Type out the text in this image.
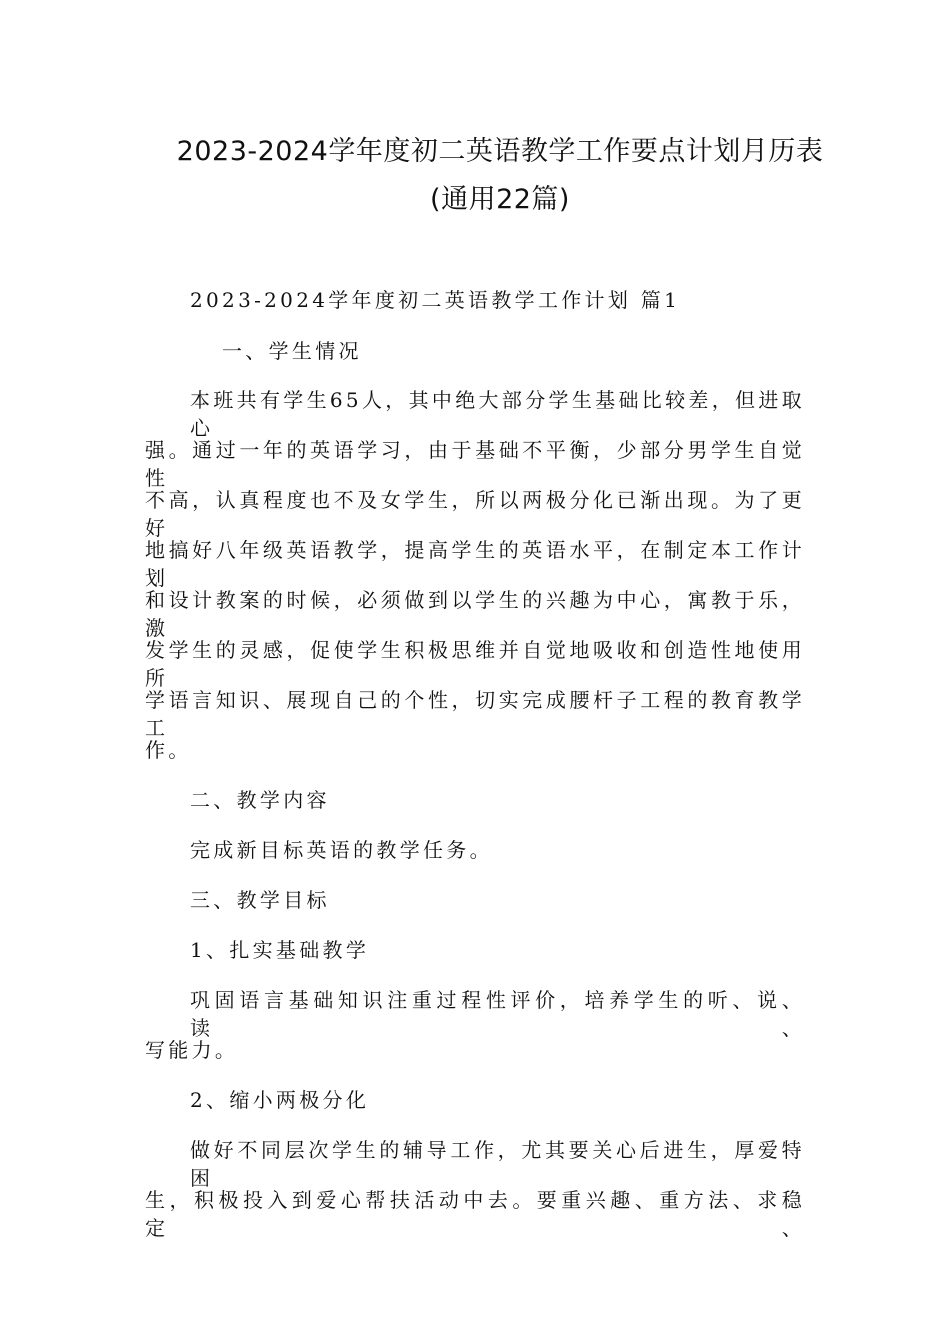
2023-2024学年度初二英语教学工作要点计划月历表
(通用22篇)
2023-2024学年度初二英语教学工作计划 篇1
一、学生情况
本班共有学生65人，其中绝大部分学生基础比较差，但进取心
强。通过一年的英语学习，由于基础不平衡，少部分男学生自觉性
不高，认真程度也不及女学生，所以两极分化已渐出现。为了更好
地搞好八年级英语教学，提高学生的英语水平，在制定本工作计划
和设计教案的时候，必须做到以学生的兴趣为中心，寓教于乐，激
发学生的灵感，促使学生积极思维并自觉地吸收和创造性地使用所
学语言知识、展现自己的个性，切实完成腰杆子工程的教育教学工
作。
二、教学内容
完成新目标英语的教学任务。
三、教学目标
1、扎实基础教学
巩固语言基础知识注重过程性评价，培养学生的听、说、读、
写能力。
2、缩小两极分化
做好不同层次学生的辅导工作，尤其要关心后进生，厚爱特困
生，积极投入到爱心帮扶活动中去。要重兴趣、重方法、求稳定、
